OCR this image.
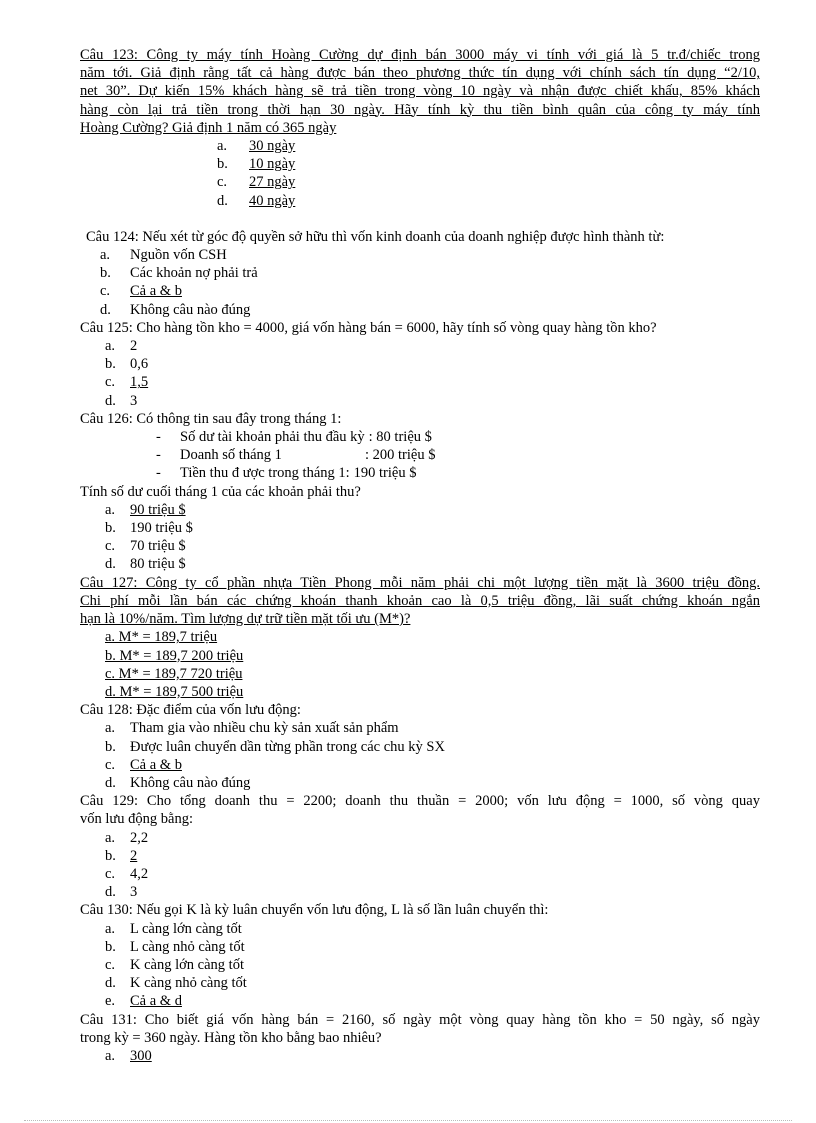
Câu 123: Công ty máy tính Hoàng Cường dự định bán 3000 máy vi tính với giá là 5 tr.đ/chiếc trong

năm tới. Giả định rằng tất cả hàng được bán theo phương thức tín dụng với chính sách tín dụng “2/10,

net 30”. Dự kiến 15% khách hàng sẽ trả tiền trong vòng 10 ngày và nhận được chiết khấu, 85% khách

hàng còn lại trả tiền trong thời hạn 30 ngày. Hãy tính kỳ thu tiền bình quân của công ty máy tính

Hoàng Cường? Giả định 1 năm có 365 ngày

a.	30 ngày
b.	10 ngày
c.	27 ngày
d.	40 ngày

Câu 124: Nếu xét từ góc độ quyền sở hữu thì vốn kinh doanh của doanh nghiệp được hình thành từ:

a.	Nguồn vốn CSH
b.	Các khoản nợ phải trả
c.	Cả a & b
d.	Không câu nào đúng

Câu 125: Cho hàng tồn kho = 4000, giá vốn hàng bán = 6000, hãy tính số vòng quay hàng tồn kho?

a.	2
b. 0,6
c.	1,5
d. 3

Câu 126: Có thông tin sau đây trong tháng 1:

-	Số dư tài khoản phải thu đầu kỳ : 80 triệu $
-	Doanh số tháng 1	: 200 triệu $
-	Tiền thu đ ược trong tháng 1: 190 triệu $

Tính số dư cuối tháng 1 của các khoản phải thu?

a.	90 triệu $
b. 190 triệu $
c.	70 triệu $
d. 80 triệu $

Câu 127: Công ty cổ phần nhựa Tiền Phong mỗi năm phải chi một lượng tiền mặt là 3600 triệu đồng.

Chi phí mỗi lần bán các chứng khoán thanh khoản cao là 0,5 triệu đồng, lãi suất chứng khoán ngắn

hạn là 10%/năm. Tìm lượng dự trữ tiền mặt tối ưu (M*)?

a. M* = 189,7 triệu
b. M* = 189,7 200 triệu
c. M* = 189,7 720 triệu
d. M* = 189,7 500 triệu

Câu 128: Đặc điểm của vốn lưu động:

a.	Tham gia vào nhiều chu kỳ sản xuất sản phẩm
b. Được luân chuyển dần từng phần trong các chu kỳ SX
c.	Cả a & b
d. Không câu nào đúng

Câu 129: Cho tổng doanh thu = 2200; doanh thu thuần = 2000; vốn lưu động = 1000, số vòng quay

vốn lưu động bằng:

a.	2,2
b. 2
c.	4,2
d. 3

Câu 130: Nếu gọi K là kỳ luân chuyển vốn lưu động, L là số lần luân chuyển thì:

a.	L càng lớn càng tốt
b. L càng nhỏ càng tốt
c.	K càng lớn càng tốt
d. K càng nhỏ càng tốt
e.	Cả a & d

Câu 131: Cho biết giá vốn hàng bán = 2160, số ngày một vòng quay hàng tồn kho = 50 ngày, số ngày

trong kỳ = 360 ngày. Hàng tồn kho bằng bao nhiêu?

a.	300
